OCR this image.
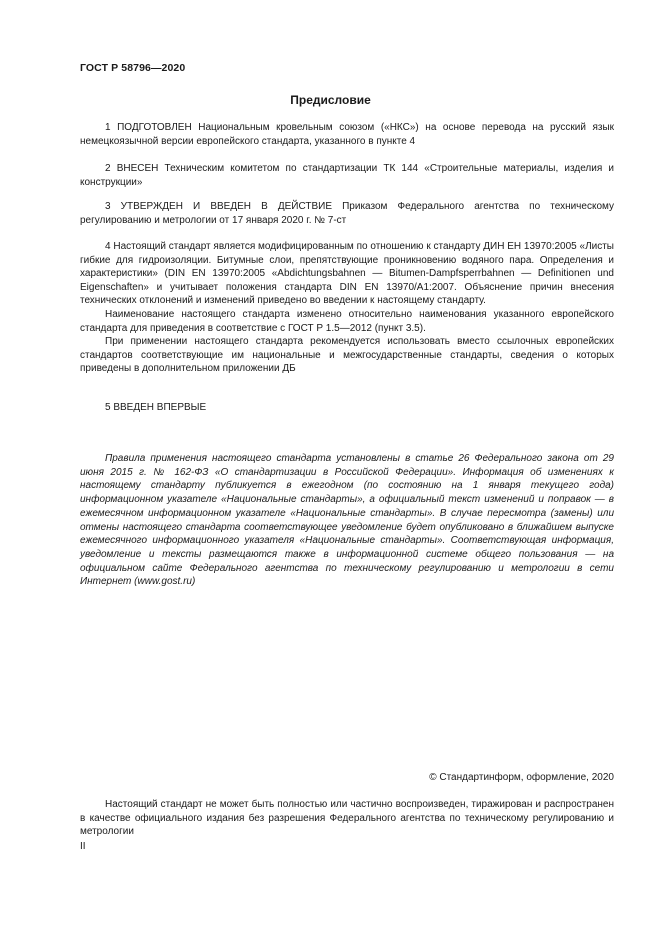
ГОСТ Р 58796—2020
Предисловие

1 ПОДГОТОВЛЕН Национальным кровельным союзом («НКС») на основе перевода на русский язык немецкоязычной версии европейского стандарта, указанного в пункте 4

2 ВНЕСЕН Техническим комитетом по стандартизации ТК 144 «Строительные материалы, изделия и конструкции»

3 УТВЕРЖДЕН И ВВЕДЕН В ДЕЙСТВИЕ Приказом Федерального агентства по техническому регулированию и метрологии от 17 января 2020 г. № 7-ст

4 Настоящий стандарт является модифицированным по отношению к стандарту ДИН ЕН 13970:2005 «Листы гибкие для гидроизоляции. Битумные слои, препятствующие проникновению водяного пара. Определения и характеристики» (DIN EN 13970:2005 «Abdichtungsbahnen — Bitumen-Dampfsperrbahnen — Definitionen und Eigenschaften» и учитывает положения стандарта DIN EN 13970/A1:2007. Объяснение причин внесения технических отклонений и изменений приведено во введении к настоящему стандарту.

Наименование настоящего стандарта изменено относительно наименования указанного европейского стандарта для приведения в соответствие с ГОСТ Р 1.5—2012 (пункт 3.5).

При применении настоящего стандарта рекомендуется использовать вместо ссылочных европейских стандартов соответствующие им национальные и межгосударственные стандарты, сведения о которых приведены в дополнительном приложении ДБ

5 ВВЕДЕН ВПЕРВЫЕ

Правила применения настоящего стандарта установлены в статье 26 Федерального закона от 29 июня 2015 г. № 162-ФЗ «О стандартизации в Российской Федерации». Информация об изменениях к настоящему стандарту публикуется в ежегодном (по состоянию на 1 января текущего года) информационном указателе «Национальные стандарты», а официальный текст изменений и поправок — в ежемесячном информационном указателе «Национальные стандарты». В случае пересмотра (замены) или отмены настоящего стандарта соответствующее уведомление будет опубликовано в ближайшем выпуске ежемесячного информационного указателя «Национальные стандарты». Соответствующая информация, уведомление и тексты размещаются также в информационной системе общего пользования — на официальном сайте Федерального агентства по техническому регулированию и метрологии в сети Интернет (www.gost.ru)

© Стандартинформ, оформление, 2020

Настоящий стандарт не может быть полностью или частично воспроизведен, тиражирован и распространен в качестве официального издания без разрешения Федерального агентства по техническому регулированию и метрологии

II
